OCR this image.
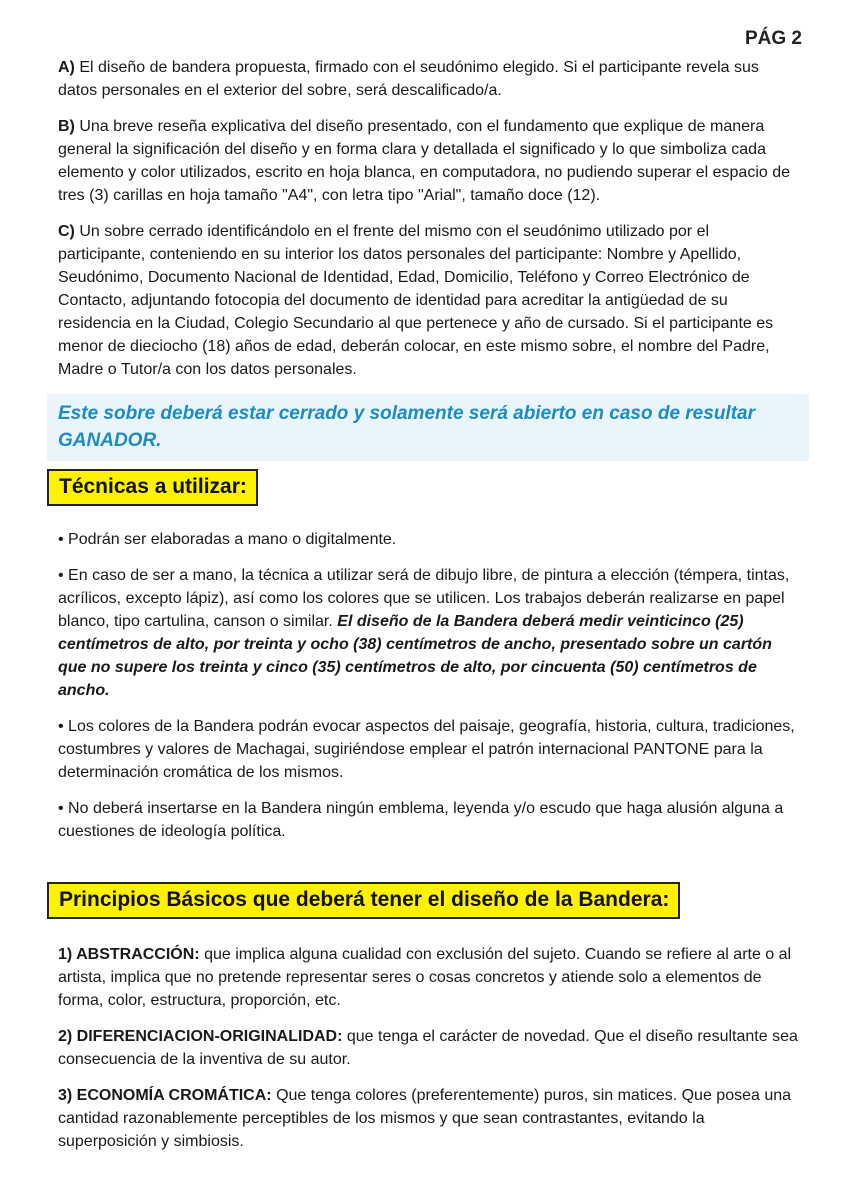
PÁG 2

A) El diseño de bandera propuesta, firmado con el seudónimo elegido. Si el participante revela sus datos personales en el exterior del sobre, será descalificado/a.

B) Una breve reseña explicativa del diseño presentado, con el fundamento que explique de manera general la significación del diseño y en forma clara y detallada el significado y lo que simboliza cada elemento y color utilizados, escrito en hoja blanca, en computadora, no pudiendo superar el espacio de tres (3) carillas en hoja tamaño "A4", con letra tipo "Arial", tamaño doce (12).

C) Un sobre cerrado identificándolo en el frente del mismo con el seudónimo utilizado por el participante, conteniendo en su interior los datos personales del participante: Nombre y Apellido, Seudónimo, Documento Nacional de Identidad, Edad, Domicilio, Teléfono y Correo Electrónico de Contacto, adjuntando fotocopia del documento de identidad para acreditar la antigüedad de su residencia en la Ciudad, Colegio Secundario al que pertenece y año de cursado. Si el participante es menor de dieciocho (18) años de edad, deberán colocar, en este mismo sobre, el nombre del Padre, Madre o Tutor/a con los datos personales.

Este sobre deberá estar cerrado y solamente será abierto en caso de resultar GANADOR.
Técnicas a utilizar:

• Podrán ser elaboradas a mano o digitalmente.

• En caso de ser a mano, la técnica a utilizar será de dibujo libre, de pintura a elección (témpera, tintas, acrílicos, excepto lápiz), así como los colores que se utilicen. Los trabajos deberán realizarse en papel blanco, tipo cartulina, canson o similar. El diseño de la Bandera deberá medir veinticinco (25) centímetros de alto, por treinta y ocho (38) centímetros de ancho, presentado sobre un cartón que no supere los treinta y cinco (35) centímetros de alto, por cincuenta (50) centímetros de ancho.

• Los colores de la Bandera podrán evocar aspectos del paisaje, geografía, historia, cultura, tradiciones, costumbres y valores de Machagai, sugiriéndose emplear el patrón internacional PANTONE para la determinación cromática de los mismos.

• No deberá insertarse en la Bandera ningún emblema, leyenda y/o escudo que haga alusión alguna a cuestiones de ideología política.

Principios Básicos que deberá tener el diseño de la Bandera:

1) ABSTRACCIÓN: que implica alguna cualidad con exclusión del sujeto. Cuando se refiere al arte o al artista, implica que no pretende representar seres o cosas concretos y atiende solo a elementos de forma, color, estructura, proporción, etc.

2) DIFERENCIACION-ORIGINALIDAD: que tenga el carácter de novedad. Que el diseño resultante sea consecuencia de la inventiva de su autor.

3) ECONOMÍA CROMÁTICA: Que tenga colores (preferentemente) puros, sin matices. Que posea una cantidad razonablemente perceptibles de los mismos y que sean contrastantes, evitando la superposición y simbiosis.
